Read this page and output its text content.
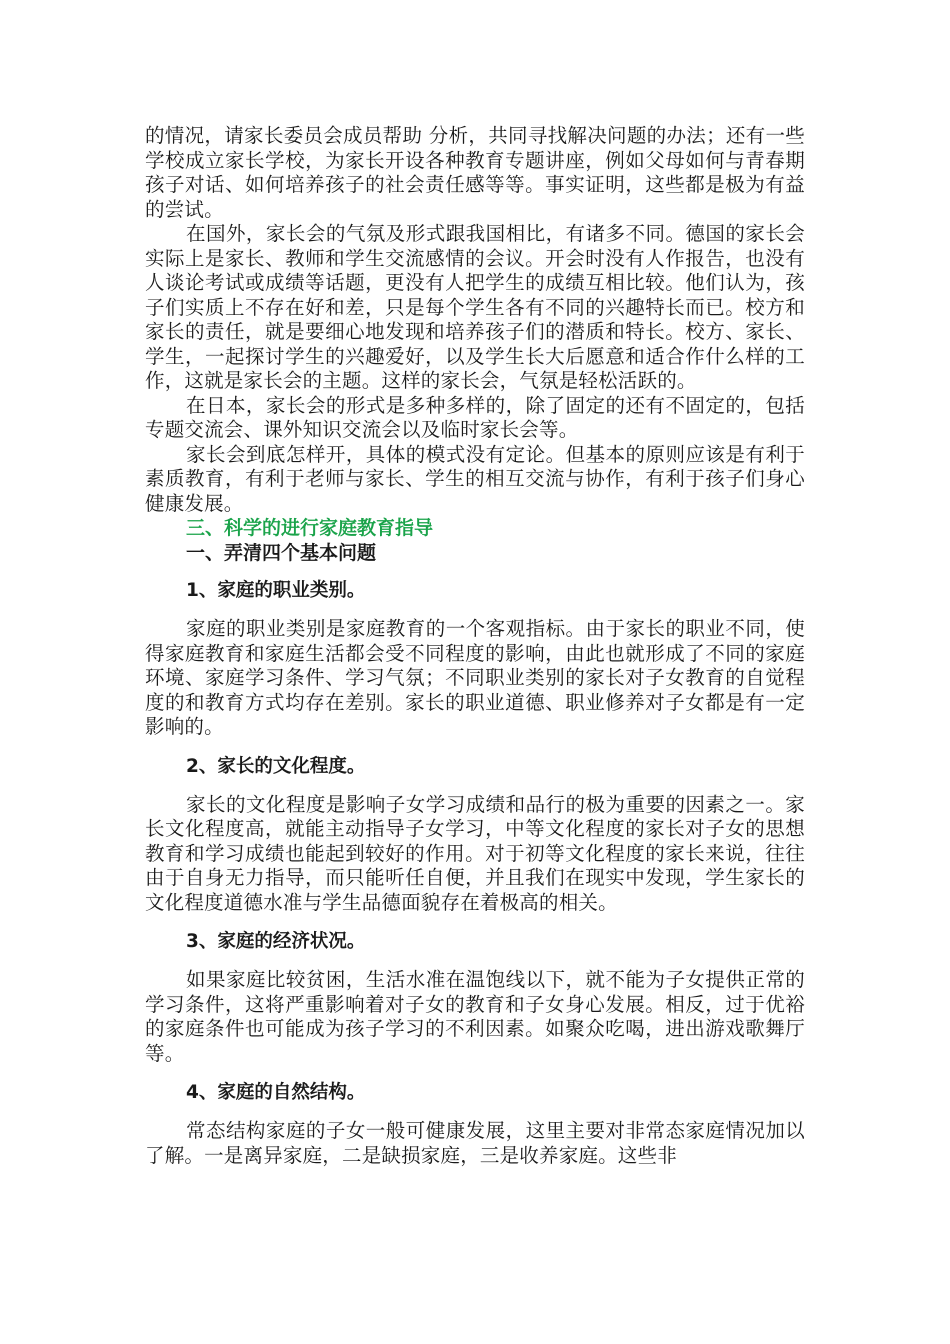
的情况，请家长委员会成员帮助 分析，共同寻找解决问题的办法；还有一些学校成立家长学校，为家长开设各种教育专题讲座，例如父母如何与青春期孩子对话、如何培养孩子的社会责任感等等。事实证明，这些都是极为有益的尝试。

在国外，家长会的气氛及形式跟我国相比，有诸多不同。德国的家长会实际上是家长、教师和学生交流感情的会议。开会时没有人作报告，也没有人谈论考试或成绩等话题，更没有人把学生的成绩互相比较。他们认为，孩子们实质上不存在好和差，只是每个学生各有不同的兴趣特长而已。校方和家长的责任，就是要细心地发现和培养孩子们的潜质和特长。校方、家长、学生，一起探讨学生的兴趣爱好，以及学生长大后愿意和适合作什么样的工作，这就是家长会的主题。这样的家长会，气氛是轻松活跃的。

在日本，家长会的形式是多种多样的，除了固定的还有不固定的，包括专题交流会、课外知识交流会以及临时家长会等。

家长会到底怎样开，具体的模式没有定论。但基本的原则应该是有利于素质教育，有利于老师与家长、学生的相互交流与协作，有利于孩子们身心健康发展。

三、科学的进行家庭教育指导
一、弄清四个基本问题
1、家庭的职业类别。

家庭的职业类别是家庭教育的一个客观指标。由于家长的职业不同，使得家庭教育和家庭生活都会受不同程度的影响，由此也就形成了不同的家庭环境、家庭学习条件、学习气氛；不同职业类别的家长对子女教育的自觉程度的和教育方式均存在差别。家长的职业道德、职业修养对子女都是有一定影响的。

2、家长的文化程度。

家长的文化程度是影响子女学习成绩和品行的极为重要的因素之一。家长文化程度高，就能主动指导子女学习，中等文化程度的家长对子女的思想教育和学习成绩也能起到较好的作用。对于初等文化程度的家长来说，往往由于自身无力指导，而只能听任自便，并且我们在现实中发现，学生家长的文化程度道德水准与学生品德面貌存在着极高的相关。

3、家庭的经济状况。

如果家庭比较贫困，生活水准在温饱线以下，就不能为子女提供正常的学习条件，这将严重影响着对子女的教育和子女身心发展。相反，过于优裕的家庭条件也可能成为孩子学习的不利因素。如聚众吃喝，进出游戏歌舞厅等。

4、家庭的自然结构。

常态结构家庭的子女一般可健康发展，这里主要对非常态家庭情况加以了解。一是离异家庭，二是缺损家庭，三是收养家庭。这些非
